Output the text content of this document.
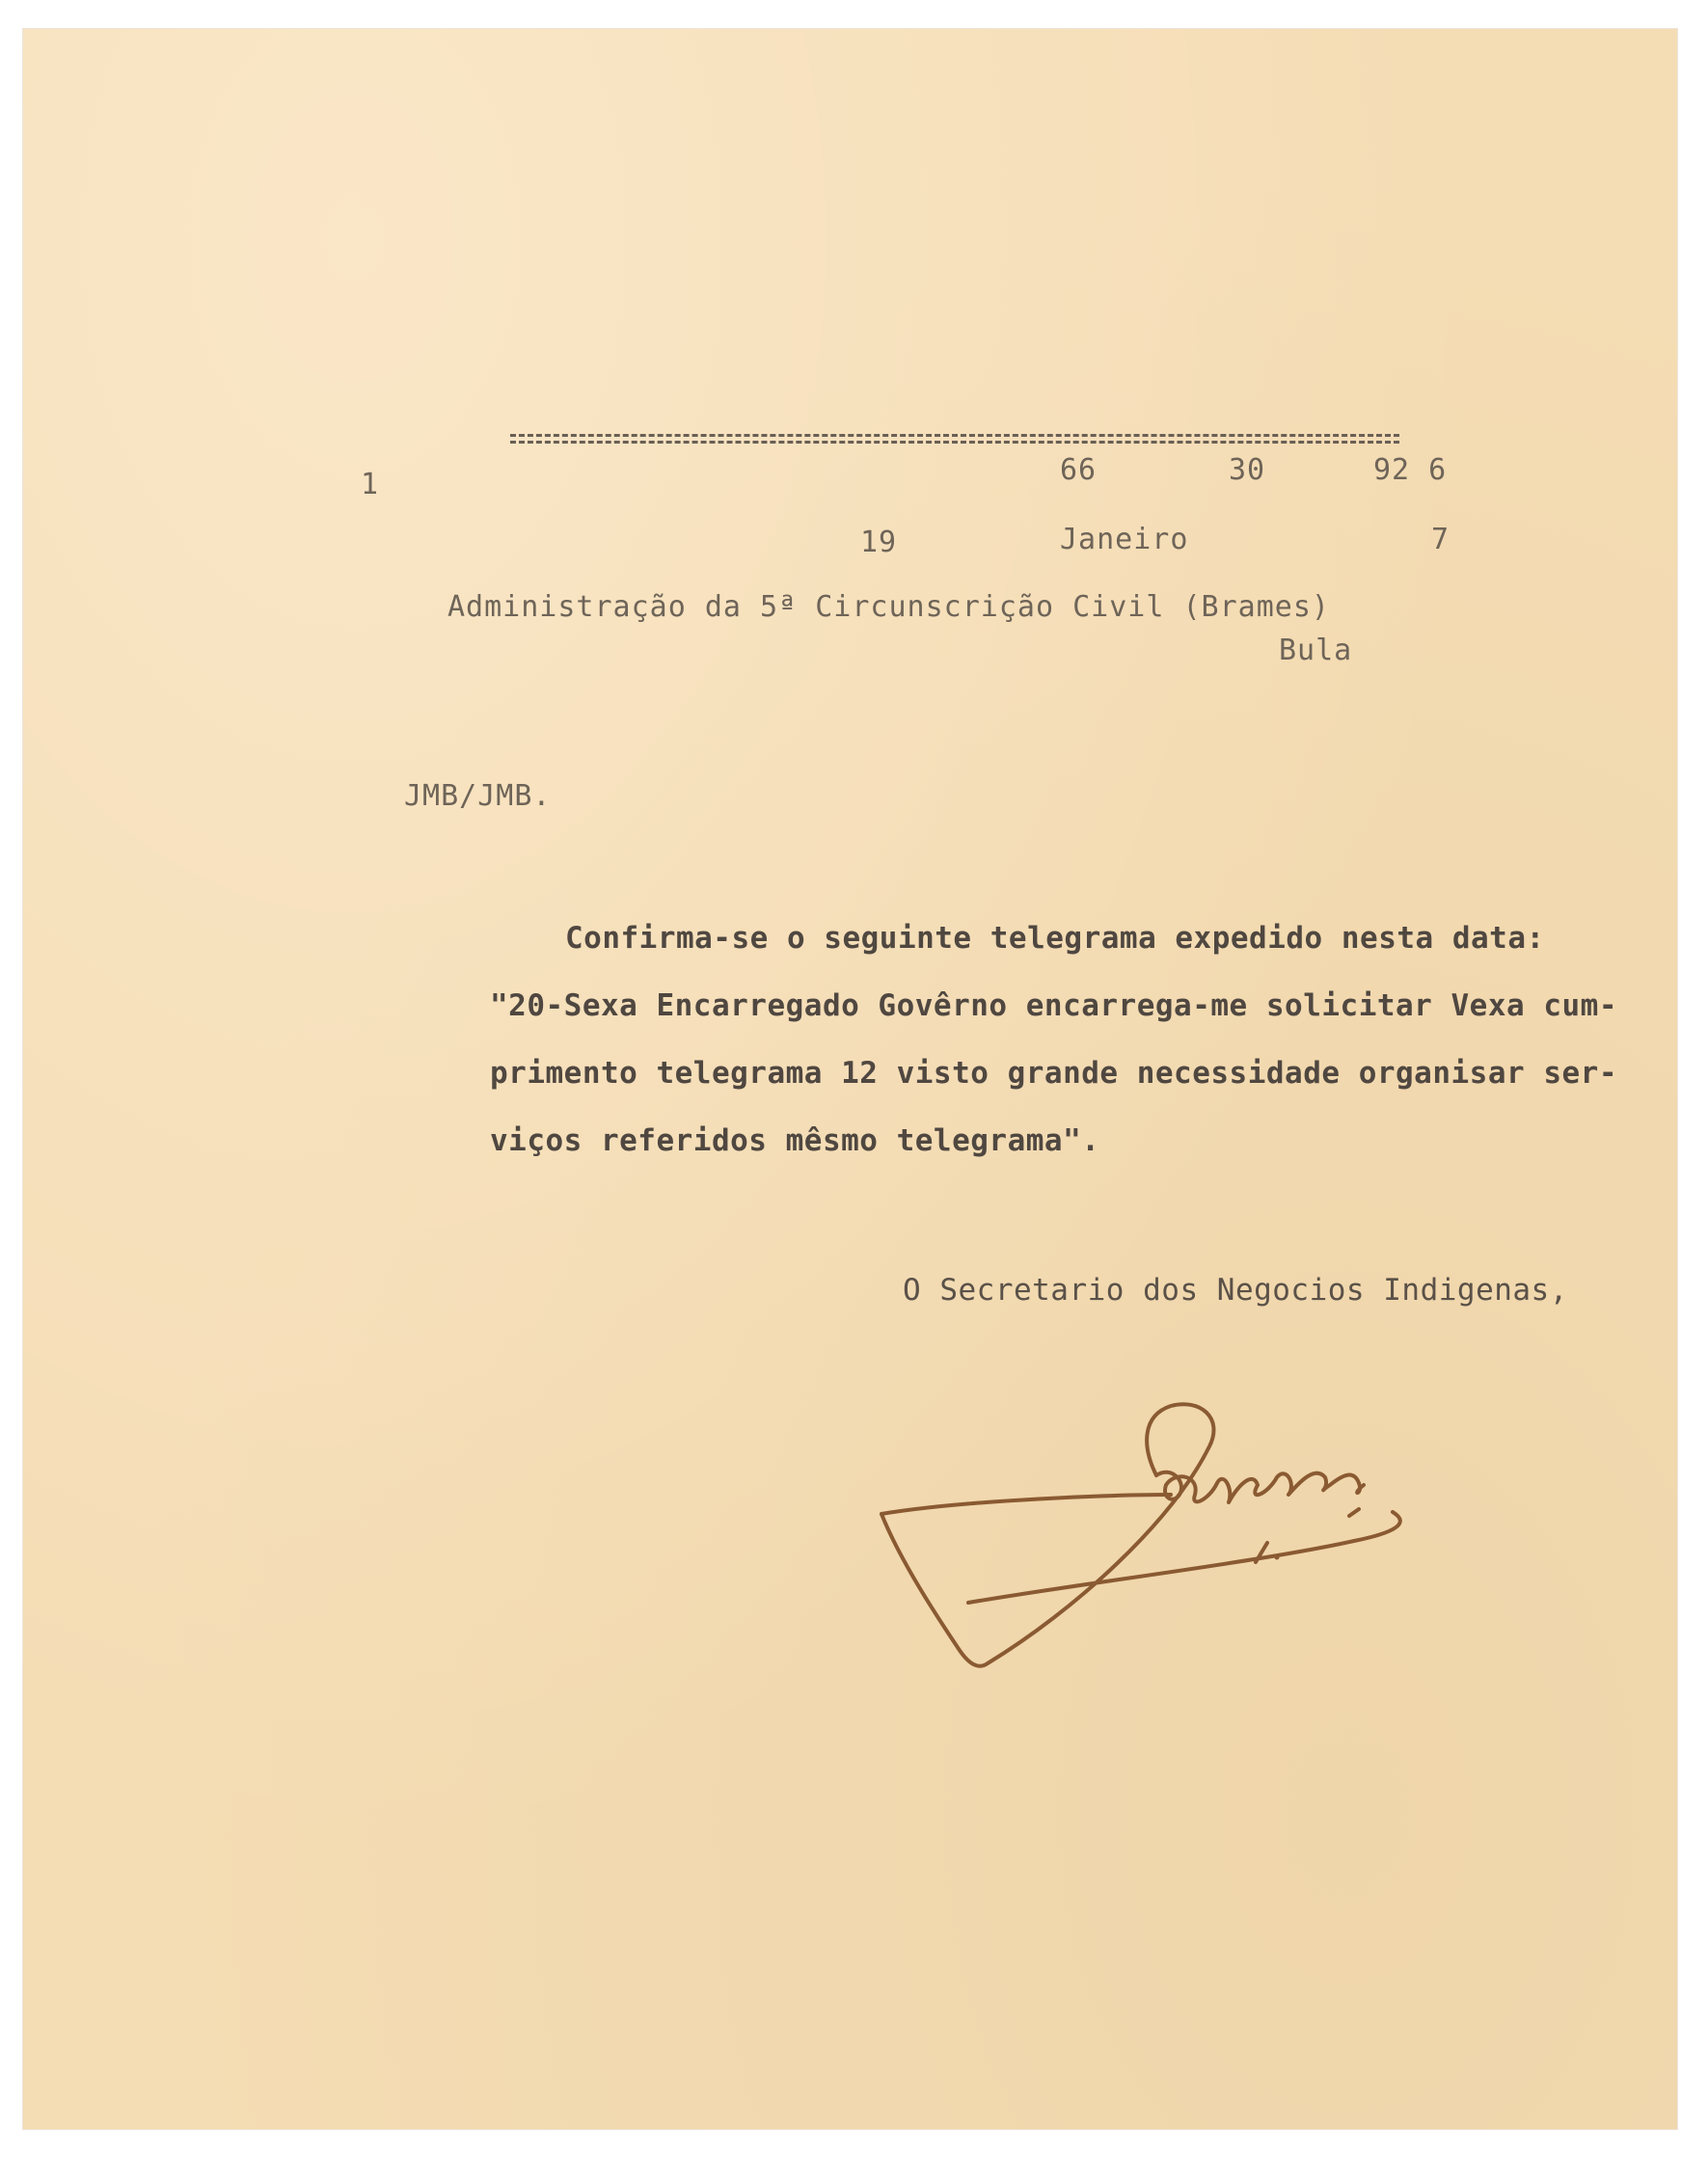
1	66	30	92 6
19	Janeiro	7
Administração da 5ª Circunscrição Civil (Brames)
Bula
JMB/JMB.
Confirma-se o seguinte telegrama expedido nesta data:
"20-Sexa Encarregado Govêrno encarrega-me solicitar Vexa cum-
primento telegrama 12 visto grande necessidade organisar ser-
viços referidos mêsmo telegrama".
O Secretario dos Negocios Indigenas,
